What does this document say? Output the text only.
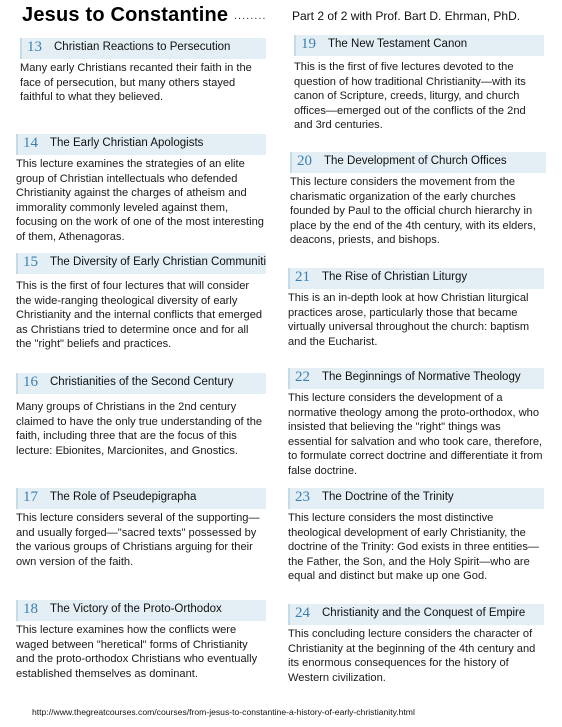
Jesus to Constantine ........ Part 2 of 2 with Prof. Bart D. Ehrman, PhD.
13 Christian Reactions to Persecution

Many early Christians recanted their faith in the face of persecution, but many others stayed faithful to what they believed.

14 The Early Christian Apologists

This lecture examines the strategies of an elite group of Christian intellectuals who defended Christianity against the charges of atheism and immorality commonly leveled against them, focusing on the work of one of the most interesting of them, Athenagoras.

15 The Diversity of Early Christian Communiti

This is the first of four lectures that will consider the wide-ranging theological diversity of early Christianity and the internal conflicts that emerged as Christians tried to determine once and for all the "right" beliefs and practices.

16 Christianities of the Second Century

Many groups of Christians in the 2nd century claimed to have the only true understanding of the faith, including three that are the focus of this lecture: Ebionites, Marcionites, and Gnostics.

17 The Role of Pseudepigrapha

This lecture considers several of the supporting—and usually forged—"sacred texts" possessed by the various groups of Christians arguing for their own version of the faith.

18 The Victory of the Proto-Orthodox

This lecture examines how the conflicts were waged between "heretical" forms of Christianity and the proto-orthodox Christians who eventually established themselves as dominant.

19 The New Testament Canon

This is the first of five lectures devoted to the question of how traditional Christianity—with its canon of Scripture, creeds, liturgy, and church offices—emerged out of the conflicts of the 2nd and 3rd centuries.

20 The Development of Church Offices

This lecture considers the movement from the charismatic organization of the early churches founded by Paul to the official church hierarchy in place by the end of the 4th century, with its elders, deacons, priests, and bishops.

21 The Rise of Christian Liturgy

This is an in-depth look at how Christian liturgical practices arose, particularly those that became virtually universal throughout the church: baptism and the Eucharist.

22 The Beginnings of Normative Theology

This lecture considers the development of a normative theology among the proto-orthodox, who insisted that believing the "right" things was essential for salvation and who took care, therefore, to formulate correct doctrine and differentiate it from false doctrine.

23 The Doctrine of the Trinity

This lecture considers the most distinctive theological development of early Christianity, the doctrine of the Trinity: God exists in three entities—the Father, the Son, and the Holy Spirit—who are equal and distinct but make up one God.

24 Christianity and the Conquest of Empire

This concluding lecture considers the character of Christianity at the beginning of the 4th century and its enormous consequences for the history of Western civilization.

http://www.thegreatcourses.com/courses/from-jesus-to-constantine-a-history-of-early-christianity.html
